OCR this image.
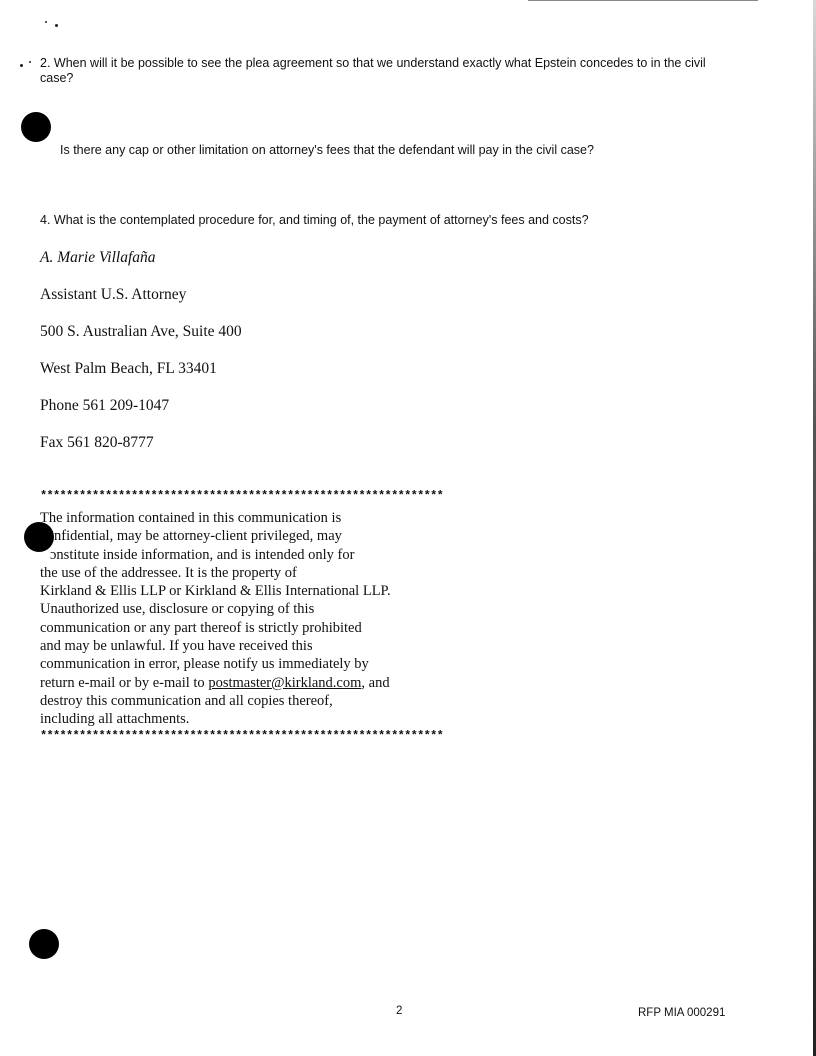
2. When will it be possible to see the plea agreement so that we understand exactly what Epstein concedes to in the civil
case?
Is there any cap or other limitation on attorney's fees that the defendant will pay in the civil case?
4. What is the contemplated procedure for, and timing of, the payment of attorney's fees and costs?
A. Marie Villafaña
Assistant U.S. Attorney
500 S. Australian Ave, Suite 400
West Palm Beach, FL 33401
Phone 561 209-1047
Fax 561 820-8777
**************************************************************
The information contained in this communication is
nfidential, may be attorney-client privileged, may
ɔnstitute inside information, and is intended only for
the use of the addressee. It is the property of
Kirkland & Ellis LLP or Kirkland & Ellis International LLP.
Unauthorized use, disclosure or copying of this
communication or any part thereof is strictly prohibited
and may be unlawful. If you have received this
communication in error, please notify us immediately by
return e-mail or by e-mail to postmaster@kirkland.com, and
destroy this communication and all copies thereof,
including all attachments.
**************************************************************
2	RFP MIA 000291
